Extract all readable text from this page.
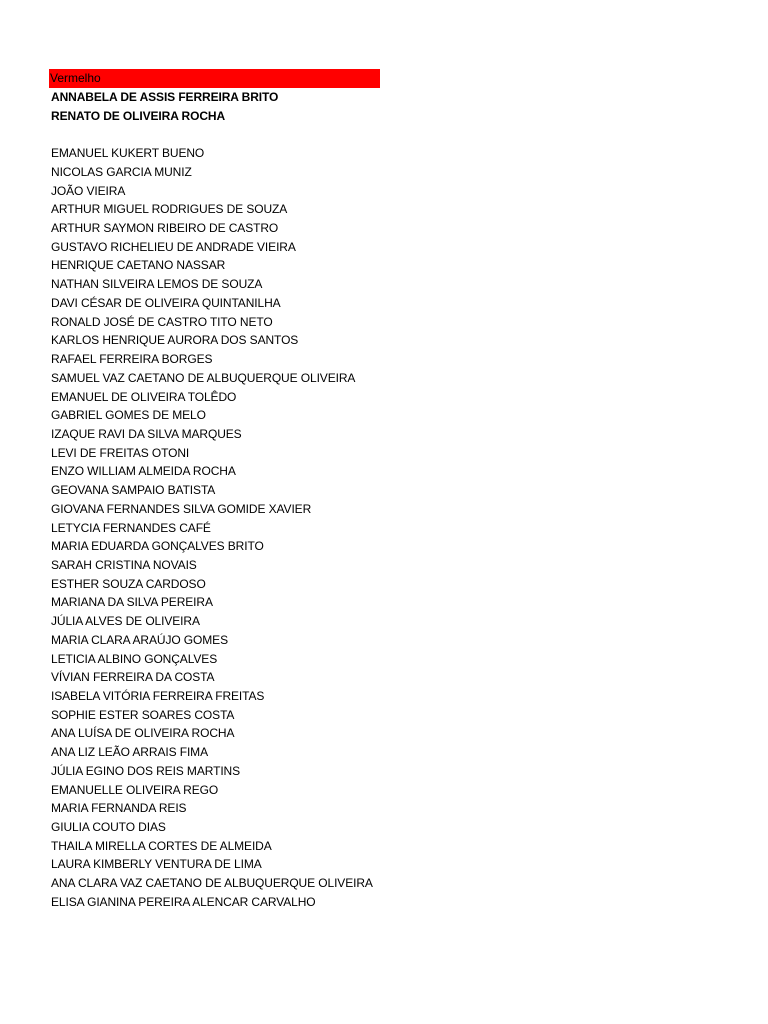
Vermelho
ANNABELA DE ASSIS FERREIRA BRITO
RENATO DE OLIVEIRA ROCHA
EMANUEL KUKERT BUENO
NICOLAS GARCIA MUNIZ
JOÃO VIEIRA
ARTHUR MIGUEL RODRIGUES DE SOUZA
ARTHUR SAYMON RIBEIRO DE CASTRO
GUSTAVO RICHELIEU DE ANDRADE VIEIRA
HENRIQUE CAETANO NASSAR
NATHAN SILVEIRA LEMOS DE SOUZA
DAVI CÉSAR DE OLIVEIRA QUINTANILHA
RONALD JOSÉ DE CASTRO TITO NETO
KARLOS HENRIQUE AURORA DOS SANTOS
RAFAEL FERREIRA BORGES
SAMUEL VAZ CAETANO DE ALBUQUERQUE OLIVEIRA
EMANUEL DE OLIVEIRA TOLÊDO
GABRIEL GOMES DE MELO
IZAQUE RAVI DA SILVA MARQUES
LEVI DE FREITAS OTONI
ENZO WILLIAM ALMEIDA ROCHA
GEOVANA SAMPAIO BATISTA
GIOVANA FERNANDES SILVA GOMIDE XAVIER
LETYCIA FERNANDES CAFÉ
MARIA EDUARDA GONÇALVES BRITO
SARAH CRISTINA NOVAIS
ESTHER SOUZA CARDOSO
MARIANA DA SILVA PEREIRA
JÚLIA ALVES DE OLIVEIRA
MARIA CLARA ARAÚJO GOMES
LETICIA ALBINO GONÇALVES
VÍVIAN FERREIRA DA COSTA
ISABELA VITÓRIA FERREIRA FREITAS
SOPHIE ESTER SOARES COSTA
ANA LUÍSA DE OLIVEIRA ROCHA
ANA LIZ LEÃO ARRAIS FIMA
JÚLIA EGINO DOS REIS MARTINS
EMANUELLE OLIVEIRA REGO
MARIA FERNANDA REIS
GIULIA COUTO DIAS
THAILA MIRELLA CORTES DE ALMEIDA
LAURA KIMBERLY VENTURA DE LIMA
ANA CLARA VAZ CAETANO DE ALBUQUERQUE OLIVEIRA
ELISA GIANINA PEREIRA ALENCAR CARVALHO
